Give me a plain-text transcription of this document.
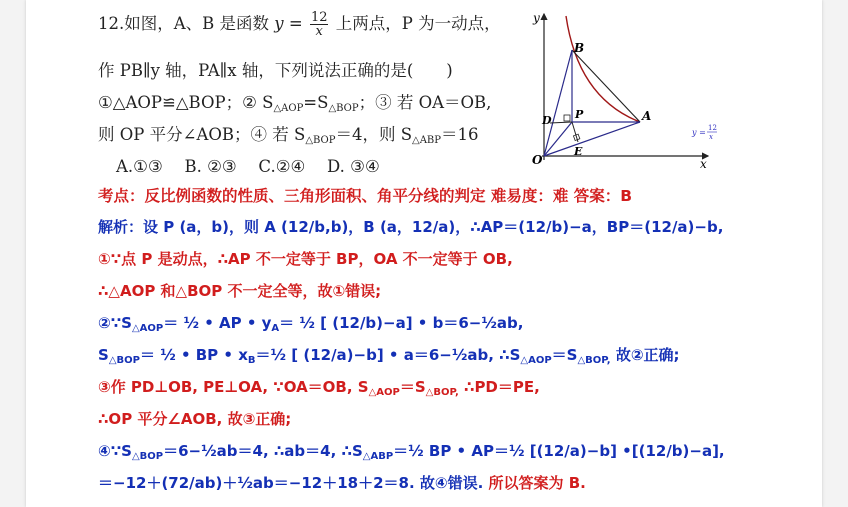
12.如图，A、B 是函数 $y = \frac{12}{x}$ 上两点，P 为一动点，
作 PB∥y 轴，PA∥x 轴，下列说法正确的是(　　)
①△AOP≌△BOP；② S△AOP=S△BOP；③ 若 OA＝OB,
则 OP 平分∠AOB；④ 若 S△BOP＝4，则 S△ABP＝16
A.①③　 B. ②③　 C.②④　 D. ③④
y
x
O
B
A
P
D
E
y = 12
x
考点：反比例函数的性质、三角形面积、角平分线的判定 难易度：难 答案：B
解析：设 P (a，b)，则 A (12/b,b)，B (a，12/a)，∴AP＝(12/b)−a，BP＝(12/a)−b,
①∵点 P 是动点，∴AP 不一定等于 BP，OA 不一定等于 OB,
∴△AOP 和△BOP 不一定全等，故①错误;
$②\because S_{\triangle AOP}=$ ½ • AP • $y_A=$ ½ [ (12/b)−a] • b＝6−½ab,
$S_{\triangle BOP}=$ ½ • BP • $x_B=\frac{1}{2}$ [ (12/a)−b] • a＝6−½ab, $\therefore S_{\triangle AOP}=S_{\triangle BOP,}$ 故②正确;
③作 PD⊥OB, PE⊥OA, ∵OA＝OB, $S_{\triangle AOP}=S_{\triangle BOP,}$ ∴PD＝PE,
∴OP 平分∠AOB, 故③正确;
$④\because S_{\triangle BOP}=6-\frac{1}{2}ab=4$, ∴ab＝4, $\therefore S_{\triangle ABP}=\frac{1}{2}$ BP • AP＝½ [(12/a)−b] •[(12/b)−a],
＝−12＋(72/ab)＋½ab＝−12＋18＋2＝8. 故④错误. 所以答案为 B.
